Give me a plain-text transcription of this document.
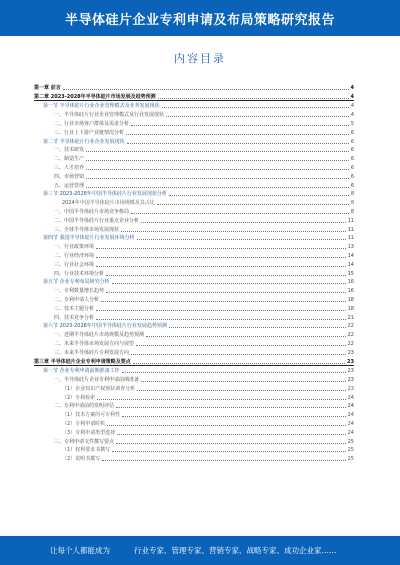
半导体硅片企业专利申请及布局策略研究报告
内容目录
第一章 前言	4
第二章 2023-2028年半导体硅片市场发展及趋势预测	4
第一节 半导体硅片行业企业管理模式及业务发展现状	4
一、半导体硅片行业企业管理模式及行业发展现状	4
二、行业市场客户群体及需求分析	5
三、行业上下游产业链情况分析	6
第二节 半导体硅片行业企业发展现状	6
一、技术研发	6
二、制造生产	6
三、人才培养	6
四、市场营销	6
五、运营管理	6
第三节 2023-2028年中国半导体硅片行业发展现状分析	8
2024年中国半导体硅片市场规模及其占比	8
一、中国半导体硅片市场竞争格局	8
二、中国半导体硅片行业重点企业分析	11
三、全球半导体市场发展现状	11
第四节 我国半导体硅片行业发展环境分析	11
一、行业政策环境	13
二、行业经济环境	14
三、行业社会环境	14
四、行业技术环境分析	15
第五节 企业专利布局研究分析	16
一、专利数量增长趋势	16
二、专利申请人分析	18
三、技术主题分析	18
四、技术竞争分析	21
第六节 2023-2028年中国半导体硅片行业发展趋势预测	22
一、近期半导体硅片市场规模及趋势预测	22
二、未来半导体市场发展方向与展望	22
三、未来半导体硅片专利发展方向	23
第三章 半导体硅片企业专利申请策略及要点	23
第一节 企业专利申请前期准备工作	23
一、半导体硅片企业专利申请前期准备	23
（1）企业知识产权现状调查分析	23
（2）专利检索	24
二、专利申请前的发明评估	24
（1）技术方案的可专利性	24
（2）专利申请时机	24
（3）专利申请类型选择	24
三、专利申请文件撰写要点	25
（1）权利要求书撰写	25
（2）说明书撰写	25
让每个人都能成为	行业专家、管理专家、营销专家、战略专家、成功企业家……
